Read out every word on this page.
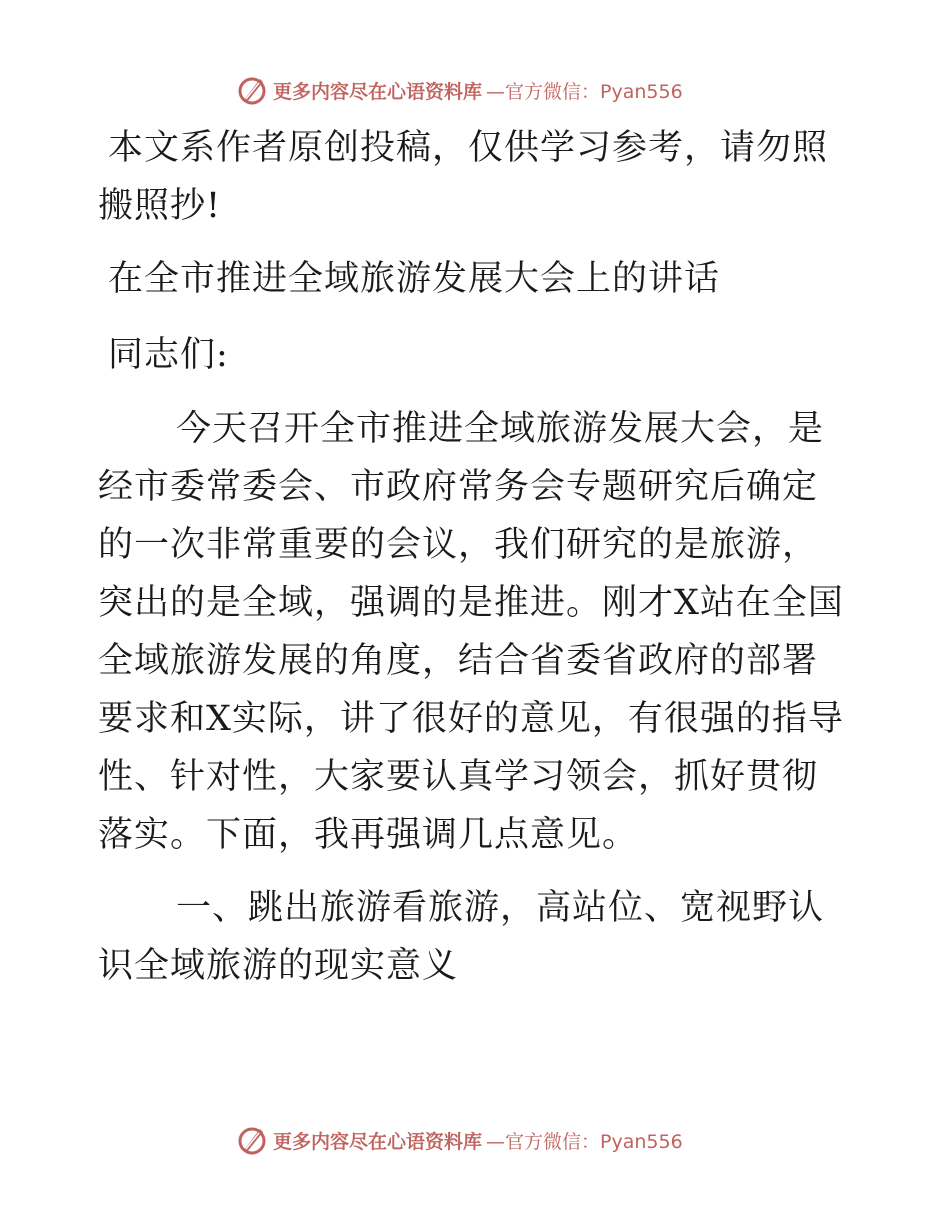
更多内容尽在心语资料库 —官方微信：Pyan556
本文系作者原创投稿，仅供学习参考，请勿照搬照抄!
在全市推进全域旅游发展大会上的讲话
同志们:
今天召开全市推进全域旅游发展大会，是经市委常委会、市政府常务会专题研究后确定的一次非常重要的会议，我们研究的是旅游，突出的是全域，强调的是推进。刚才X站在全国全域旅游发展的角度，结合省委省政府的部署要求和X实际，讲了很好的意见，有很强的指导性、针对性，大家要认真学习领会，抓好贯彻落实。下面，我再强调几点意见。
一、跳出旅游看旅游，高站位、宽视野认识全域旅游的现实意义
更多内容尽在心语资料库 —官方微信：Pyan556
